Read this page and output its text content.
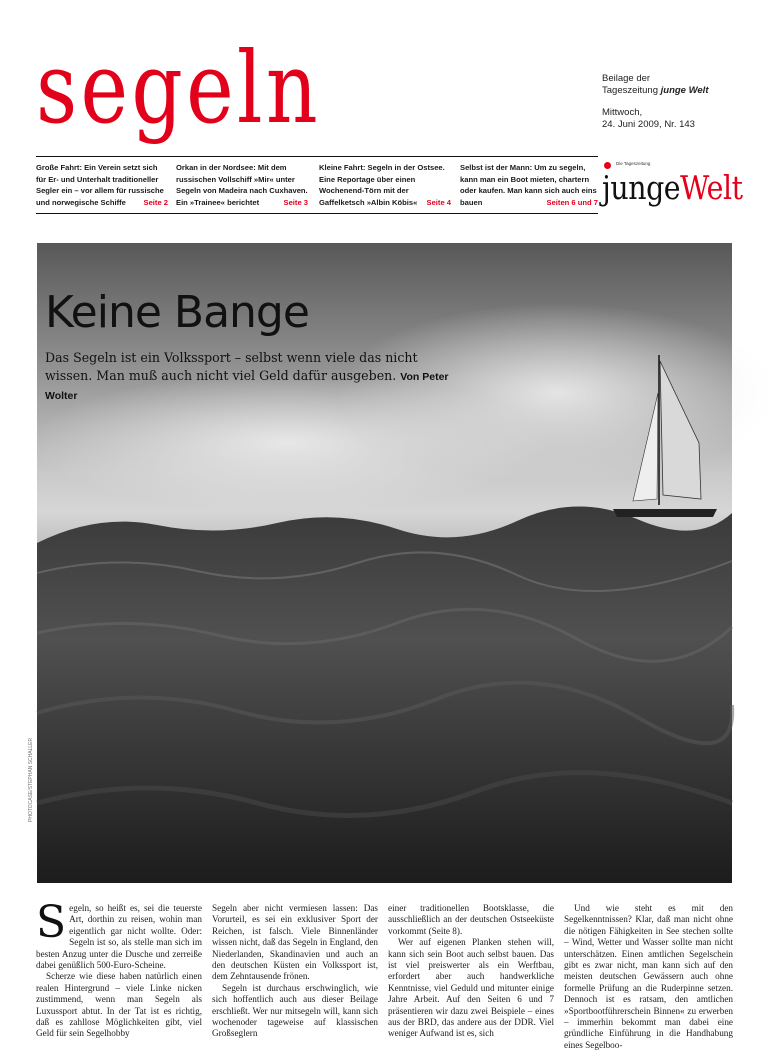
segeln	Beilage der
Tageszeitung junge Welt
Mittwoch,
24. Juni 2009, Nr. 143
Große Fahrt: Ein Verein setzt sich für Er- und Unterhalt traditioneller Segler ein – vor allem für russische und norwegische Schiffe Seite 2
Orkan in der Nordsee: Mit dem russischen Vollschiff »Mir« unter Segeln von Madeira nach Cuxhaven. Ein »Trainee« berichtet	Seite 3
Kleine Fahrt: Segeln in der Ostsee. Eine Reportage über einen Wochenend-Törn mit der Gaffelketsch »Albin Köbis« Seite 4
Selbst ist der Mann: Um zu segeln, kann man ein Boot mieten, chartern oder kaufen. Man kann sich auch eins bauen	Seiten 6 und 7
Die Tageszeitung
jungeWelt
Keine Bange
Das Segeln ist ein Volkssport – selbst wenn viele das nicht wissen. Man muß auch nicht viel Geld dafür ausgeben. Von Peter Wolter
PHOTOCASE/STEPHAN SCHALLER

Segeln, so heißt es, sei die teuerste Art, dorthin zu reisen, wohin man eigentlich gar nicht wollte. Oder: Segeln ist so, als stelle man sich im besten Anzug unter die Dusche und zerreiße dabei genüßlich 500-Euro-Scheine.

Scherze wie diese haben natürlich einen realen Hintergrund – viele Linke nicken zustimmend, wenn man Segeln als Luxussport abtut. In der Tat ist es richtig, daß es zahllose Möglichkeiten gibt, viel Geld für sein Segelhobby

Segeln aber nicht vermiesen lassen: Das Vorurteil, es sei ein exklusiver Sport der Reichen, ist falsch. Viele Binnenländer wissen nicht, daß das Segeln in England, den Niederlanden, Skandinavien und auch an den deutschen Küsten ein Volkssport ist, dem Zehntausende frönen.

Segeln ist durchaus erschwinglich, wie sich hoffentlich auch aus dieser Beilage erschließt. Wer nur mitsegeln will, kann sich wochenoder tageweise auf klassischen Großseglern

einer traditionellen Bootsklasse, die ausschließlich an der deutschen Ostseeküste vorkommt (Seite 8).

Wer auf eigenen Planken stehen will, kann sich sein Boot auch selbst bauen. Das ist viel preiswerter als ein Werftbau, erfordert aber auch handwerkliche Kenntnisse, viel Geduld und mitunter einige Jahre Arbeit. Auf den Seiten 6 und 7 präsentieren wir dazu zwei Beispiele – eines aus der BRD, das andere aus der DDR. Viel weniger Aufwand ist es, sich

Und wie steht es mit den Segelkenntnissen? Klar, daß man nicht ohne die nötigen Fähigkeiten in See stechen sollte – Wind, Wetter und Wasser sollte man nicht unterschätzen. Einen amtlichen Segelschein gibt es zwar nicht, man kann sich auf den meisten deutschen Gewässern auch ohne formelle Prüfung an die Ruderpinne setzen. Dennoch ist es ratsam, den amtlichen »Sportbootführerschein Binnen« zu erwerben – immerhin bekommt man dabei eine gründliche Einführung in die Handhabung eines Segelboo-
